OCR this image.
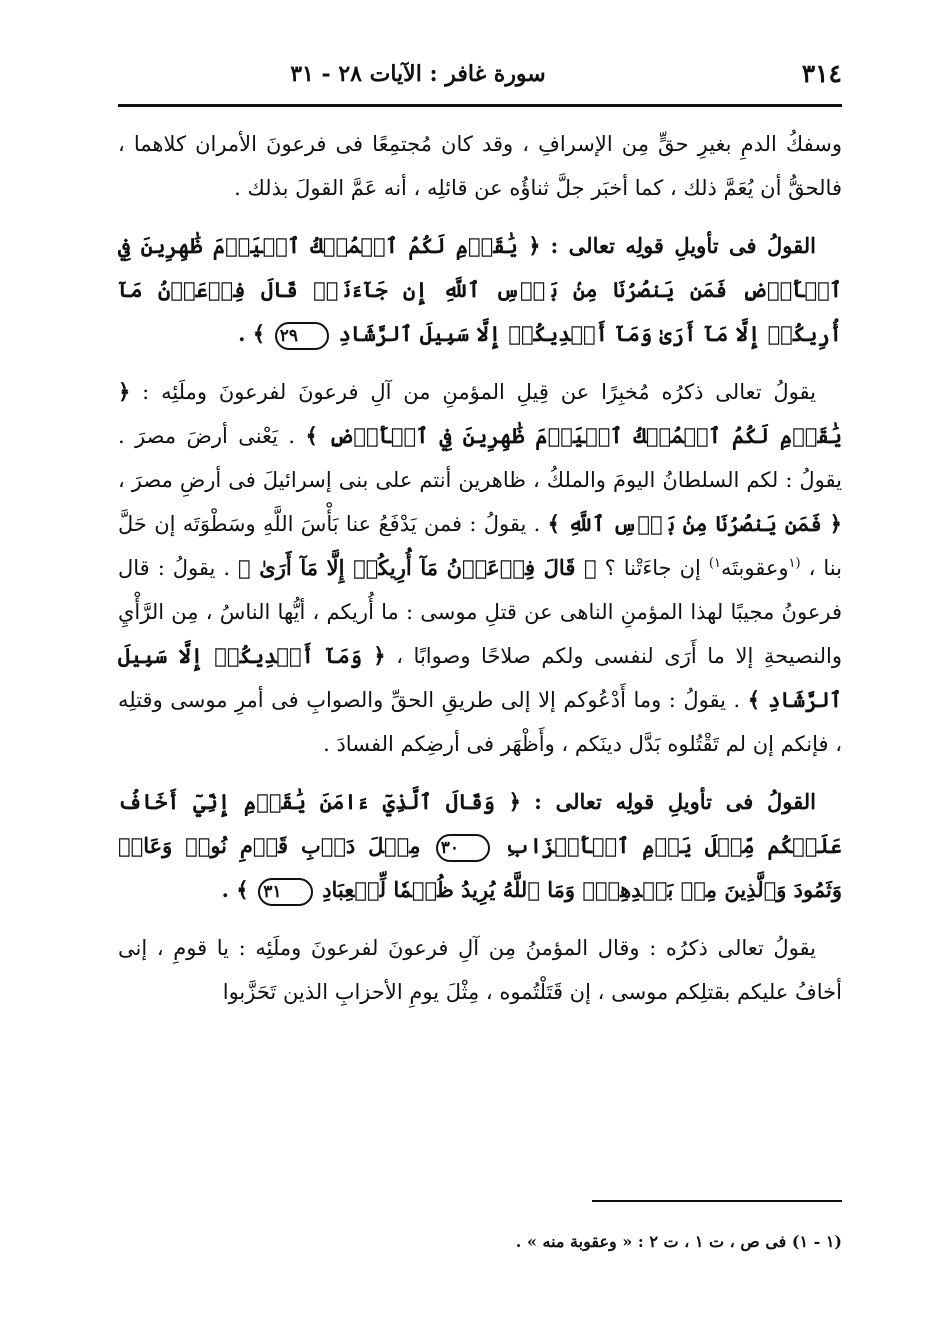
٣١٤
سورة غافر : الآيات ٢٨ - ٣١

وسفكُ الدمِ بغيرِ حقٍّ مِن الإسرافِ ، وقد كان مُجتمِعًا فى فرعونَ الأمران كلاهما ، فالحقُّ أن يُعَمَّ ذلك ، كما أخبَر جلَّ ثناؤُه عن قائلِه ، أنه عَمَّ القولَ بذلك .

القولُ فى تأويلِ قولِه تعالى : ﴿ يَٰقَوۡمِ لَكُمُ ٱلۡمُلۡكُ ٱلۡيَوۡمَ ظَٰهِرِينَ فِي ٱلۡأَرۡضِ فَمَن يَنصُرُنَا مِنۢ بَأۡسِ ٱللَّهِ إِن جَآءَنَاۚ قَالَ فِرۡعَوۡنُ مَآ أُرِيكُمۡ إِلَّا مَآ أَرَىٰ وَمَآ أَهۡدِيكُمۡ إِلَّا سَبِيلَ ٱلرَّشَادِ ٢٩ ﴾ .

يقولُ تعالى ذكرُه مُخبِرًا عن قِيلِ المؤمنِ من آلِ فرعونَ لفرعونَ وملَئِه : ﴿ يَٰقَوۡمِ لَكُمُ ٱلۡمُلۡكُ ٱلۡيَوۡمَ ظَٰهِرِينَ فِي ٱلۡأَرۡضِ ﴾ . يَعْنى أرضَ مصرَ . يقولُ : لكم السلطانُ اليومَ والملكُ ، ظاهرين أنتم على بنى إسرائيلَ فى أرضِ مصرَ ، ﴿ فَمَن يَنصُرُنَا مِنۢ بَأۡسِ ٱللَّهِ ﴾ . يقولُ : فمن يَدْفَعُ عنا بَأْسَ اللَّهِ وسَطْوَتَه إن حَلَّ بنا ، $^{(١}$وعقوبتَه$^{١)}$ إن جاءَتْنا ؟ ﴿ قَالَ فِرۡعَوۡنُ مَآ أُرِيكُمۡ إِلَّا مَآ أَرَىٰ ﴾ . يقولُ : قال فرعونُ مجيبًا لهذا المؤمنِ الناهى عن قتلِ موسى : ما أُريكم ، أيُّها الناسُ ، مِن الرَّأْيِ والنصيحةِ إلا ما أَرَى لنفسى ولكم صلاحًا وصوابًا ، ﴿ وَمَآ أَهۡدِيكُمۡ إِلَّا سَبِيلَ ٱلرَّشَادِ ﴾ . يقولُ : وما أَدْعُوكم إلا إلى طريقِ الحقِّ والصوابِ فى أمرِ موسى وقتلِه ، فإنكم إن لم تَقْتُلوه بَدَّل دينَكم ، وأَظْهَر فى أرضِكم الفسادَ .

القولُ فى تأويلِ قولِه تعالى : ﴿ وَقَالَ ٱلَّذِيٓ ءَامَنَ يَٰقَوۡمِ إِنِّيٓ أَخَافُ عَلَيۡكُم مِّثۡلَ يَوۡمِ ٱلۡأَحۡزَابِ ٣٠ مِثۡلَ دَأۡبِ قَوۡمِ نُوحٖ وَعَادٖ وَثَمُودَ وَٱلَّذِينَ مِنۢ بَعۡدِهِمۡۚ وَمَا ٱللَّهُ يُرِيدُ ظُلۡمٗا لِّلۡعِبَادِ ٣١ ﴾ .

يقولُ تعالى ذكرُه : وقال المؤمنُ مِن آلِ فرعونَ لفرعونَ وملَئِه : يا قومِ ، إنى أخافُ عليكم بقتلِكم موسى ، إن قَتَلْتُموه ، مِثْلَ يومِ الأحزابِ الذين تَحَزَّبوا

(١ - ١) فى ص ، ت ١ ، ت ٢ : « وعقوبة منه » .
